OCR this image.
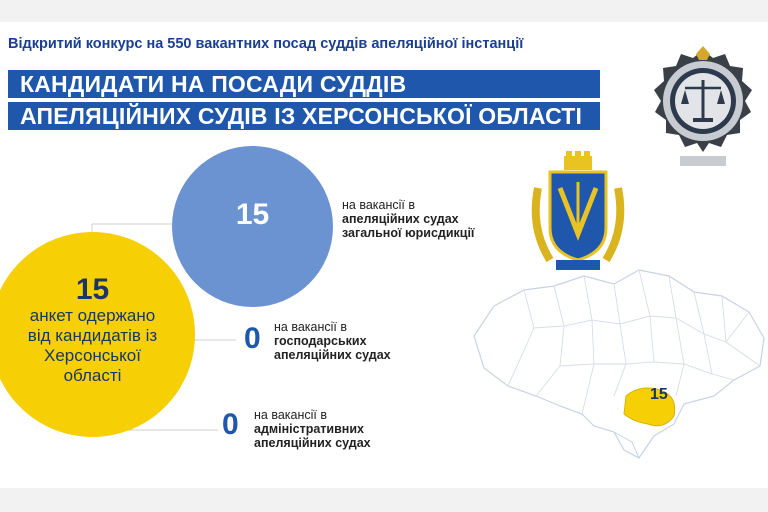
Відкритий конкурс на 550 вакантних посад суддів апеляційної інстанції
КАНДИДАТИ НА ПОСАДИ СУДДІВ
АПЕЛЯЦІЙНИХ СУДІВ ІЗ ХЕРСОНСЬКОЇ ОБЛАСТІ
15
15
анкет одержано
від кандидатів із
Херсонської
області
на вакансії в
апеляційних судах
загальної юрисдикції
0 на вакансії в
господарських
апеляційних судах
0 на вакансії в
адміністративних
апеляційних судах
15
